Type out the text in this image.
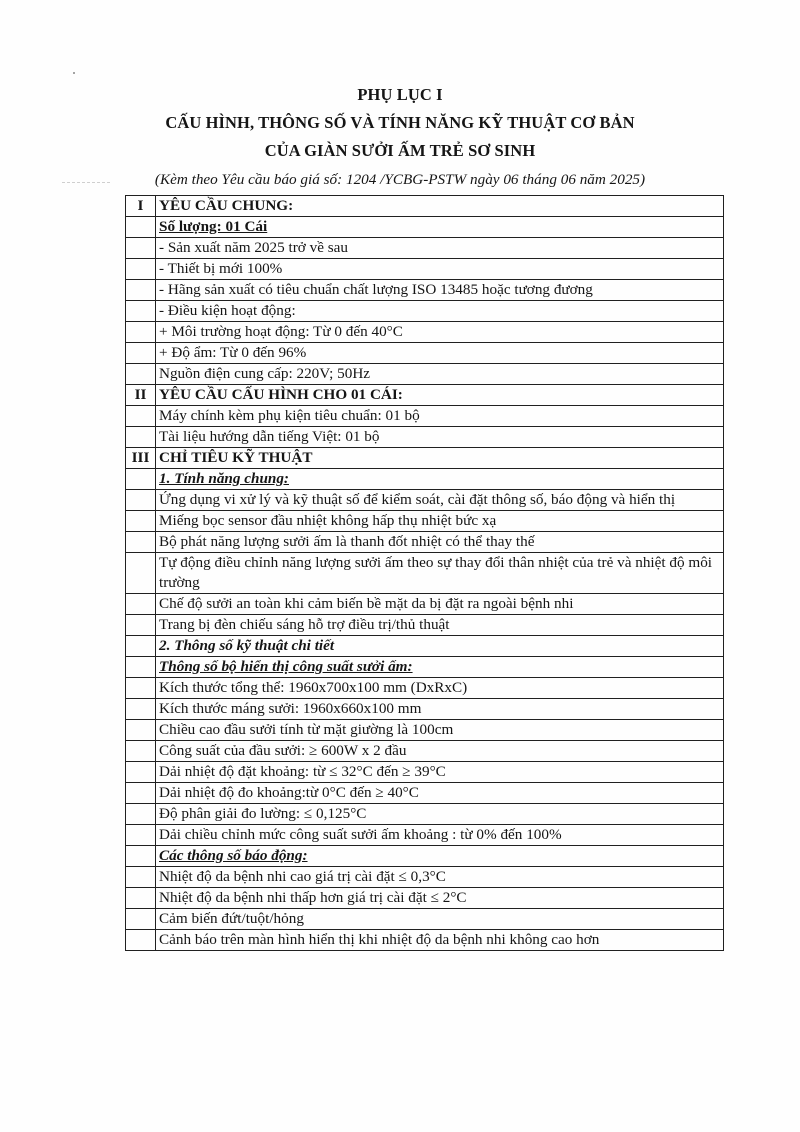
PHỤ LỤC I
CẤU HÌNH, THÔNG SỐ VÀ TÍNH NĂNG KỸ THUẬT CƠ BẢN
CỦA GIÀN SƯỞI ẤM TRẺ SƠ SINH
(Kèm theo Yêu cầu báo giá số: 1204 /YCBG-PSTW ngày 06 tháng 06 năm 2025)
I	YÊU CẦU CHUNG:
	Số lượng: 01 Cái
	- Sản xuất năm 2025 trở về sau
	- Thiết bị mới 100%
	- Hãng sản xuất có tiêu chuẩn chất lượng ISO 13485 hoặc tương đương
	- Điều kiện hoạt động:
	+ Môi trường hoạt động: Từ 0 đến 40°C
	+ Độ ẩm: Từ 0 đến 96%
	Nguồn điện cung cấp: 220V; 50Hz
II	YÊU CẦU CẤU HÌNH CHO 01 CÁI:
	Máy chính kèm phụ kiện tiêu chuẩn: 01 bộ
	Tài liệu hướng dẫn tiếng Việt: 01 bộ
III	CHỈ TIÊU KỸ THUẬT
	1. Tính năng chung:
	Ứng dụng vi xử lý và kỹ thuật số để kiểm soát, cài đặt thông số, báo động và hiển thị
	Miếng bọc sensor đầu nhiệt không hấp thụ nhiệt bức xạ
	Bộ phát năng lượng sưởi ấm là thanh đốt nhiệt có thể thay thế
	Tự động điều chỉnh năng lượng sưởi ấm theo sự thay đổi thân nhiệt của trẻ và nhiệt độ môi trường
	Chế độ sưởi an toàn khi cảm biến bề mặt da bị đặt ra ngoài bệnh nhi
	Trang bị đèn chiếu sáng hỗ trợ điều trị/thủ thuật
	2. Thông số kỹ thuật chi tiết
	Thông số bộ hiển thị công suất sưởi ấm:
	Kích thước tổng thể: 1960x700x100 mm (DxRxC)
	Kích thước máng sưởi: 1960x660x100 mm
	Chiều cao đầu sưởi tính từ mặt giường là 100cm
	Công suất của đầu sưởi: ≥ 600W x 2 đầu
	Dải nhiệt độ đặt khoảng: từ ≤ 32°C đến ≥ 39°C
	Dải nhiệt độ đo khoảng:từ 0°C đến ≥ 40°C
	Độ phân giải đo lường: ≤ 0,125°C
	Dải chiều chỉnh mức công suất sưởi ấm khoảng : từ 0% đến 100%
	Các thông số báo động:
	Nhiệt độ da bệnh nhi cao giá trị cài đặt ≤ 0,3°C
	Nhiệt độ da bệnh nhi thấp hơn giá trị cài đặt ≤ 2°C
	Cảm biến đứt/tuột/hỏng
	Cảnh báo trên màn hình hiển thị khi nhiệt độ da bệnh nhi không cao hơn
